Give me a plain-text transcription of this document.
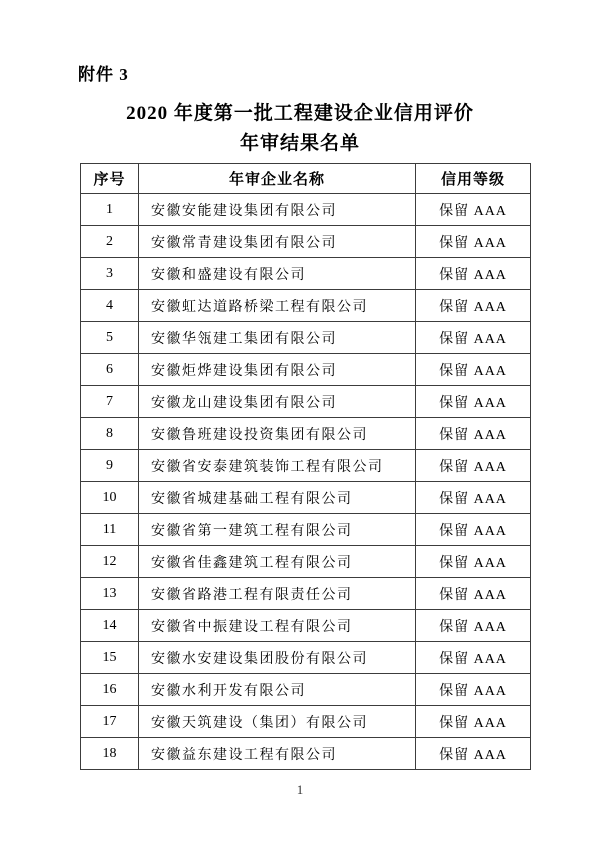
附件 3
2020 年度第一批工程建设企业信用评价
年审结果名单
序号	年审企业名称	信用等级
1	安徽安能建设集团有限公司	保留 AAA
2	安徽常青建设集团有限公司	保留 AAA
3	安徽和盛建设有限公司	保留 AAA
4	安徽虹达道路桥梁工程有限公司	保留 AAA
5	安徽华瓴建工集团有限公司	保留 AAA
6	安徽炬烨建设集团有限公司	保留 AAA
7	安徽龙山建设集团有限公司	保留 AAA
8	安徽鲁班建设投资集团有限公司	保留 AAA
9	安徽省安泰建筑装饰工程有限公司	保留 AAA
10	安徽省城建基础工程有限公司	保留 AAA
11	安徽省第一建筑工程有限公司	保留 AAA
12	安徽省佳鑫建筑工程有限公司	保留 AAA
13	安徽省路港工程有限责任公司	保留 AAA
14	安徽省中振建设工程有限公司	保留 AAA
15	安徽水安建设集团股份有限公司	保留 AAA
16	安徽水利开发有限公司	保留 AAA
17	安徽天筑建设（集团）有限公司	保留 AAA
18	安徽益东建设工程有限公司	保留 AAA
1
